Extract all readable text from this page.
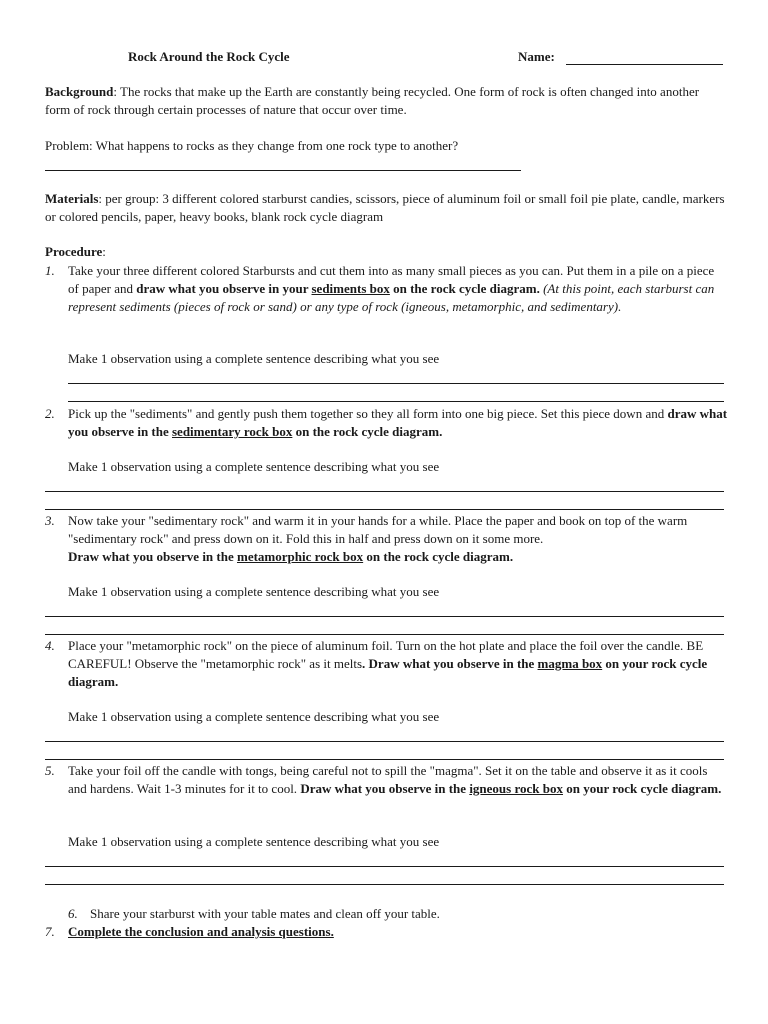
Rock Around the Rock Cycle	Name:

Background: The rocks that make up the Earth are constantly being recycled. One form of rock is often changed into another form of rock through certain processes of nature that occur over time.

Problem: What happens to rocks as they change from one rock type to another?

Materials: per group: 3 different colored starburst candies, scissors, piece of aluminum foil or small foil pie plate, candle, markers or colored pencils, paper, heavy books, blank rock cycle diagram

Procedure:
1. Take your three different colored Starbursts and cut them into as many small pieces as you can. Put them in a pile on a piece of paper and draw what you observe in your sediments box on the rock cycle diagram. (At this point, each starburst can represent sediments (pieces of rock or sand) or any type of rock (igneous, metamorphic, and sedimentary).

Make 1 observation using a complete sentence describing what you see
2. Pick up the "sediments" and gently push them together so they all form into one big piece. Set this piece down and draw what you observe in the sedimentary rock box on the rock cycle diagram.

Make 1 observation using a complete sentence describing what you see
3. Now take your "sedimentary rock" and warm it in your hands for a while. Place the paper and book on top of the warm "sedimentary rock" and press down on it. Fold this in half and press down on it some more.
Draw what you observe in the metamorphic rock box on the rock cycle diagram.

Make 1 observation using a complete sentence describing what you see
4. Place your "metamorphic rock" on the piece of aluminum foil. Turn on the hot plate and place the foil over the candle. BE CAREFUL! Observe the "metamorphic rock" as it melts. Draw what you observe in the magma box on your rock cycle diagram.

Make 1 observation using a complete sentence describing what you see
5. Take your foil off the candle with tongs, being careful not to spill the "magma". Set it on the table and observe it as it cools and hardens. Wait 1-3 minutes for it to cool. Draw what you observe in the igneous rock box on your rock cycle diagram.

Make 1 observation using a complete sentence describing what you see
6. Share your starburst with your table mates and clean off your table.
7. Complete the conclusion and analysis questions.
